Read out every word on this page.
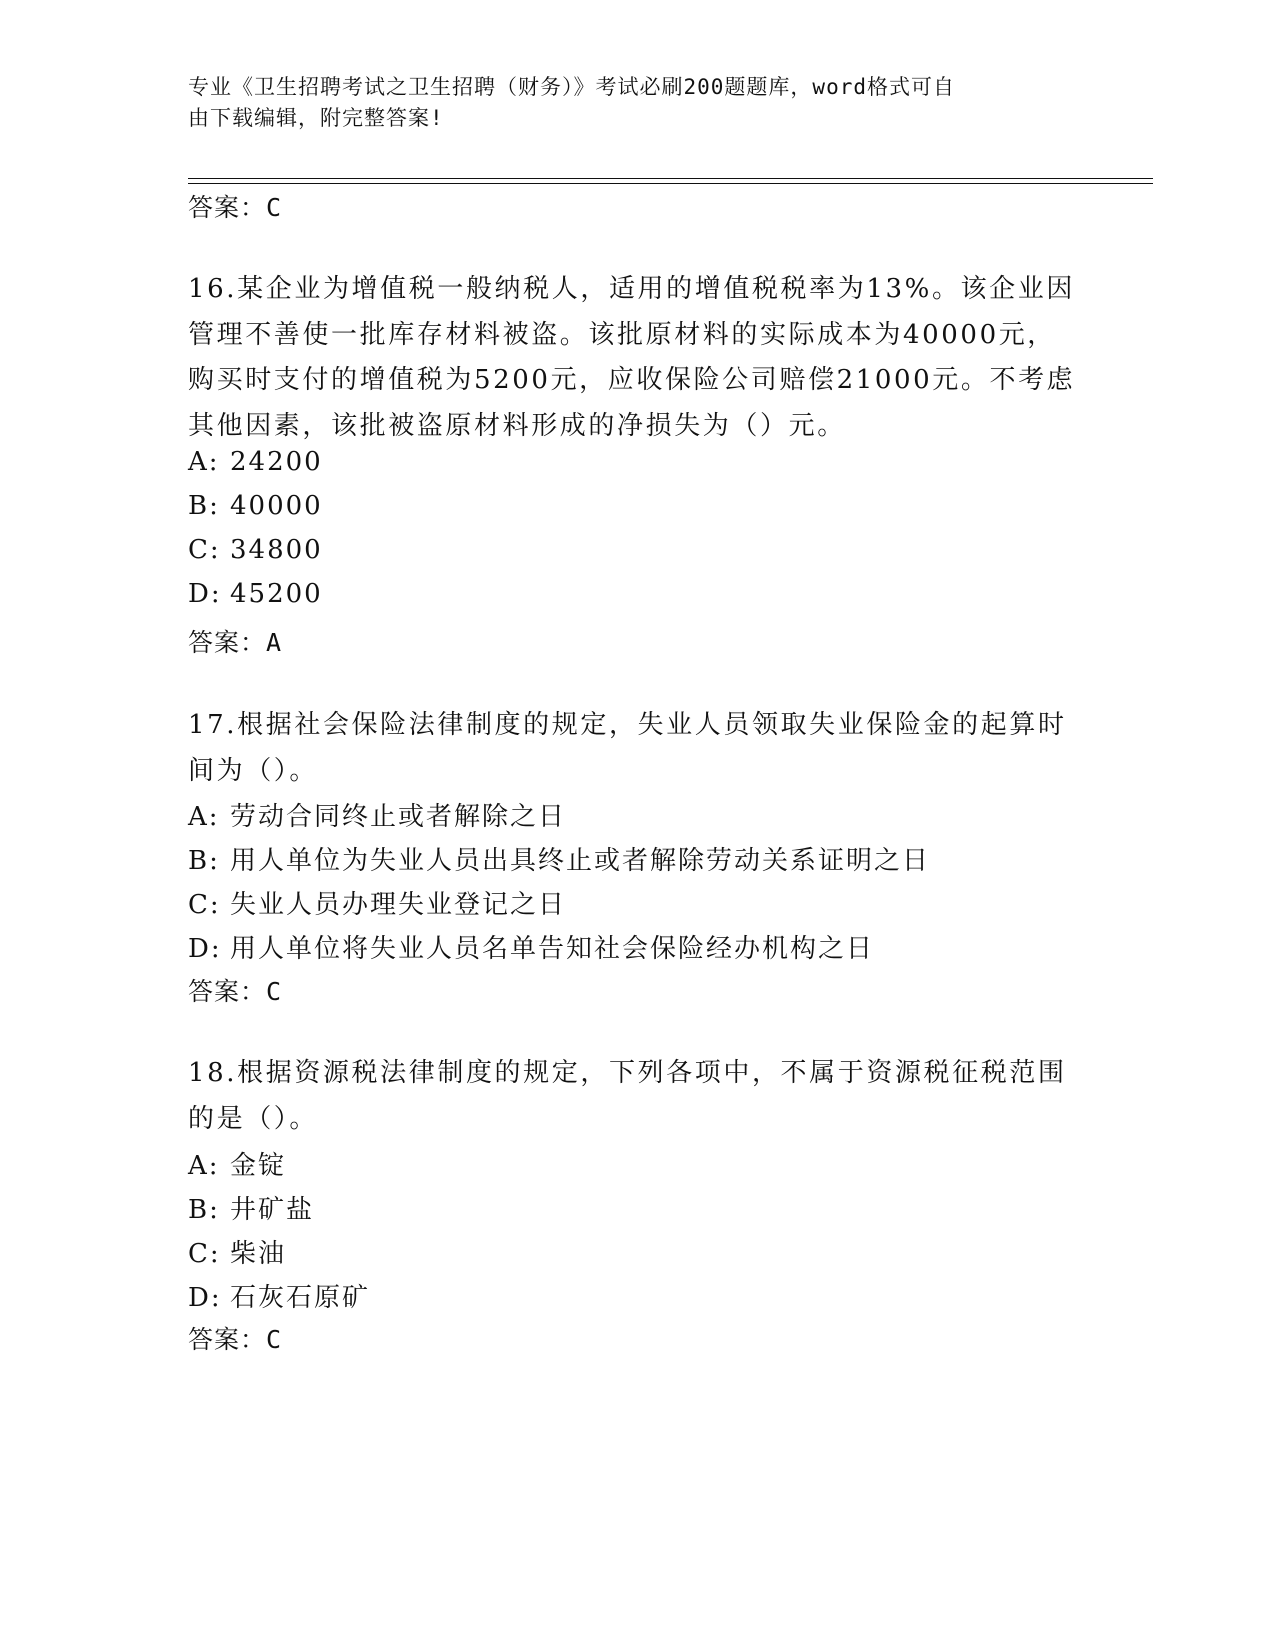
专业《卫生招聘考试之卫生招聘（财务）》考试必刷200题题库，word格式可自
由下载编辑，附完整答案!
答案：C

16.某企业为增值税一般纳税人，适用的增值税税率为13%。该企业因管理不善使一批库存材料被盗。该批原材料的实际成本为40000元，购买时支付的增值税为5200元，应收保险公司赔偿21000元。不考虑其他因素，该批被盗原材料形成的净损失为（）元。

A: 24200
B: 40000
C: 34800
D: 45200
答案：A

17.根据社会保险法律制度的规定，失业人员领取失业保险金的起算时间为（）。

A: 劳动合同终止或者解除之日
B: 用人单位为失业人员出具终止或者解除劳动关系证明之日
C: 失业人员办理失业登记之日
D: 用人单位将失业人员名单告知社会保险经办机构之日
答案：C

18.根据资源税法律制度的规定，下列各项中，不属于资源税征税范围的是（）。

A: 金锭
B: 井矿盐
C: 柴油
D: 石灰石原矿
答案：C
